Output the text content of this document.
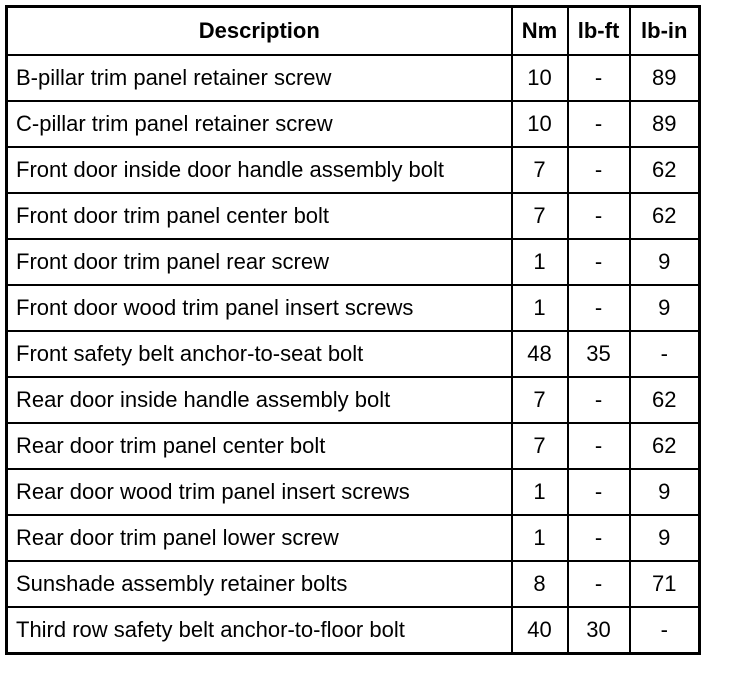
Description	Nm	lb-ft	lb-in
B-pillar trim panel retainer screw	10	-	89
C-pillar trim panel retainer screw	10	-	89
Front door inside door handle assembly bolt	7	-	62
Front door trim panel center bolt	7	-	62
Front door trim panel rear screw	1	-	9
Front door wood trim panel insert screws	1	-	9
Front safety belt anchor-to-seat bolt	48	35	-
Rear door inside handle assembly bolt	7	-	62
Rear door trim panel center bolt	7	-	62
Rear door wood trim panel insert screws	1	-	9
Rear door trim panel lower screw	1	-	9
Sunshade assembly retainer bolts	8	-	71
Third row safety belt anchor-to-floor bolt	40	30	-
